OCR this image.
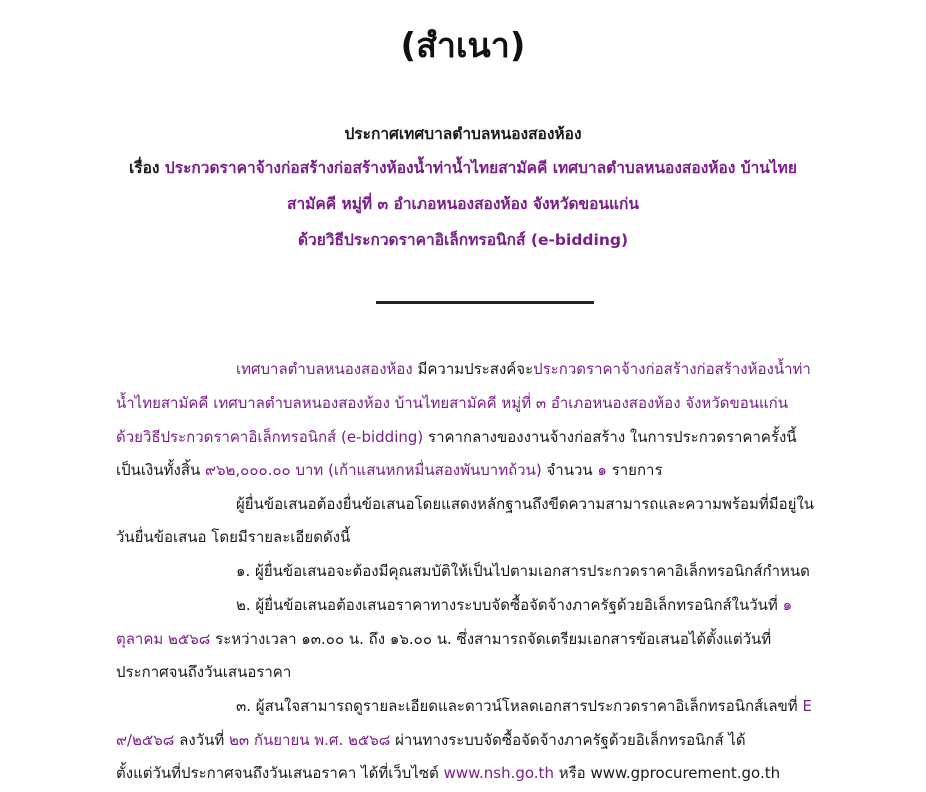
(สำเนา)
ประกาศเทศบาลตำบลหนองสองห้อง
เรื่อง ประกวดราคาจ้างก่อสร้างก่อสร้างห้องน้ำท่าน้ำไทยสามัคคี เทศบาลตำบลหนองสองห้อง บ้านไทย
สามัคคี หมู่ที่ ๓ อำเภอหนองสองห้อง จังหวัดขอนแก่น
ด้วยวิธีประกวดราคาอิเล็กทรอนิกส์ (e-bidding)
เทศบาลตำบลหนองสองห้อง มีความประสงค์จะประกวดราคาจ้างก่อสร้างก่อสร้างห้องน้ำท่า
น้ำไทยสามัคคี เทศบาลตำบลหนองสองห้อง บ้านไทยสามัคคี หมู่ที่ ๓ อำเภอหนองสองห้อง จังหวัดขอนแก่น
ด้วยวิธีประกวดราคาอิเล็กทรอนิกส์ (e-bidding) ราคากลางของงานจ้างก่อสร้าง ในการประกวดราคาครั้งนี้
เป็นเงินทั้งสิ้น ๙๖๒,๐๐๐.๐๐ บาท (เก้าแสนหกหมื่นสองพันบาทถ้วน) จำนวน ๑ รายการ
ผู้ยื่นข้อเสนอต้องยื่นข้อเสนอโดยแสดงหลักฐานถึงขีดความสามารถและความพร้อมที่มีอยู่ใน
วันยื่นข้อเสนอ โดยมีรายละเอียดดังนี้
๑. ผู้ยื่นข้อเสนอจะต้องมีคุณสมบัติให้เป็นไปตามเอกสารประกวดราคาอิเล็กทรอนิกส์กำหนด
๒. ผู้ยื่นข้อเสนอต้องเสนอราคาทางระบบจัดซื้อจัดจ้างภาครัฐด้วยอิเล็กทรอนิกส์ในวันที่ ๑
ตุลาคม ๒๕๖๘ ระหว่างเวลา ๑๓.๐๐ น. ถึง ๑๖.๐๐ น. ซึ่งสามารถจัดเตรียมเอกสารข้อเสนอได้ตั้งแต่วันที่
ประกาศจนถึงวันเสนอราคา
๓. ผู้สนใจสามารถดูรายละเอียดและดาวน์โหลดเอกสารประกวดราคาอิเล็กทรอนิกส์เลขที่ E
๙/๒๕๖๘ ลงวันที่ ๒๓ กันยายน พ.ศ. ๒๕๖๘ ผ่านทางระบบจัดซื้อจัดจ้างภาครัฐด้วยอิเล็กทรอนิกส์ ได้
ตั้งแต่วันที่ประกาศจนถึงวันเสนอราคา ได้ที่เว็บไซต์ www.nsh.go.th หรือ www.gprocurement.go.th
